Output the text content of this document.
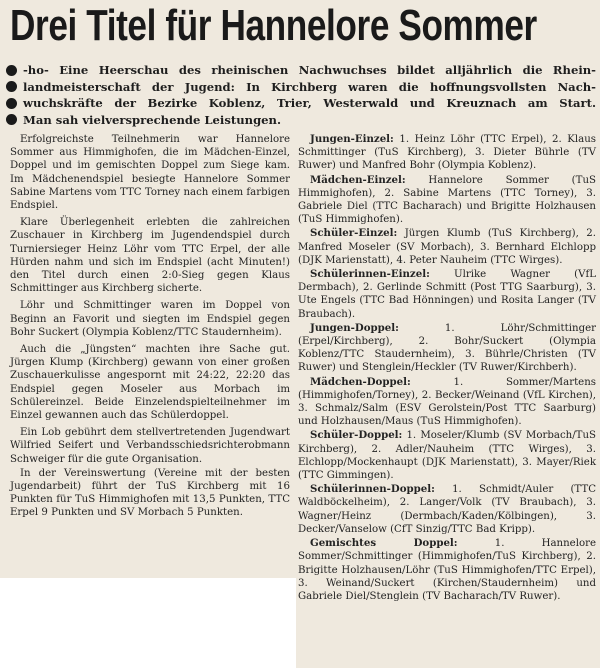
Drei Titel für Hannelore Sommer
-ho- Eine Heerschau des rheinischen Nachwuchses bildet alljährlich die Rhein-
landmeisterschaft der Jugend: In Kirchberg waren die hoffnungsvollsten Nach-
wuchskräfte der Bezirke Koblenz, Trier, Westerwald und Kreuznach am Start.
Man sah vielversprechende Leistungen.

Erfolgreichste Teilnehmerin war Hannelore Sommer aus Himmighofen, die im Mädchen-Einzel, Doppel und im gemischten Doppel zum Siege kam. Im Mädchenendspiel besiegte Hannelore Sommer Sabine Martens vom TTC Torney nach einem farbigen Endspiel.

Klare Überlegenheit erlebten die zahlreichen Zuschauer in Kirchberg im Jugendendspiel durch Turniersieger Heinz Löhr vom TTC Erpel, der alle Hürden nahm und sich im Endspiel (acht Minuten!) den Titel durch einen 2:0-Sieg gegen Klaus Schmittinger aus Kirchberg sicherte.

Löhr und Schmittinger waren im Doppel von Beginn an Favorit und siegten im Endspiel gegen Bohr Suckert (Olympia Koblenz/TTC Staudernheim).

Auch die „Jüngsten“ machten ihre Sache gut. Jürgen Klump (Kirchberg) gewann von einer großen Zuschauerkulisse angespornt mit 24:22, 22:20 das Endspiel gegen Moseler aus Morbach im Schülereinzel. Beide Einzelendspielteilnehmer im Einzel gewannen auch das Schülerdoppel.

Ein Lob gebührt dem stellvertretenden Jugendwart Wilfried Seifert und Verbandsschiedsrichterobmann Schweiger für die gute Organisation.

In der Vereinswertung (Vereine mit der besten Jugendarbeit) führt der TuS Kirchberg mit 16 Punkten für TuS Himmighofen mit 13,5 Punkten, TTC Erpel 9 Punkten und SV Morbach 5 Punkten.

Jungen-Einzel: 1. Heinz Löhr (TTC Erpel), 2. Klaus Schmittinger (TuS Kirchberg), 3. Dieter Bührle (TV Ruwer) und Manfred Bohr (Olympia Koblenz).

Mädchen-Einzel: Hannelore Sommer (TuS Himmighofen), 2. Sabine Martens (TTC Torney), 3. Gabriele Diel (TTC Bacharach) und Brigitte Holzhausen (TuS Himmighofen).

Schüler-Einzel: Jürgen Klumb (TuS Kirchberg), 2. Manfred Moseler (SV Morbach), 3. Bernhard Elchlopp (DJK Marienstatt), 4. Peter Nauheim (TTC Wirges).

Schülerinnen-Einzel: Ulrike Wagner (VfL Dermbach), 2. Gerlinde Schmitt (Post TTG Saarburg), 3. Ute Engels (TTC Bad Hönningen) und Rosita Langer (TV Braubach).

Jungen-Doppel: 1. Löhr/Schmittinger (Erpel/Kirchberg), 2. Bohr/Suckert (Olympia Koblenz/TTC Staudernheim), 3. Bührle/Christen (TV Ruwer) und Stenglein/Heckler (TV Ruwer/Kirchberh).

Mädchen-Doppel: 1. Sommer/Martens (Himmighofen/Torney), 2. Becker/Weinand (VfL Kirchen), 3. Schmalz/Salm (ESV Gerolstein/Post TTC Saarburg) und Holzhausen/Maus (TuS Himmighofen).

Schüler-Doppel: 1. Moseler/Klumb (SV Morbach/TuS Kirchberg), 2. Adler/Nauheim (TTC Wirges), 3. Elchlopp/Mockenhaupt (DJK Marienstatt), 3. Mayer/Riek (TTC Gimmingen).

Schülerinnen-Doppel: 1. Schmidt/Auler (TTC Waldböckelheim), 2. Langer/Volk (TV Braubach), 3. Wagner/Heinz (Dermbach/Kaden/Kölbingen), 3. Decker/Vanselow (CfT Sinzig/TTC Bad Kripp).

Gemischtes Doppel: 1. Hannelore Sommer/Schmittinger (Himmighofen/TuS Kirchberg), 2. Brigitte Holzhausen/Löhr (TuS Himmighofen/TTC Erpel), 3. Weinand/Suckert (Kirchen/Staudernheim) und Gabriele Diel/Stenglein (TV Bacharach/TV Ruwer).
